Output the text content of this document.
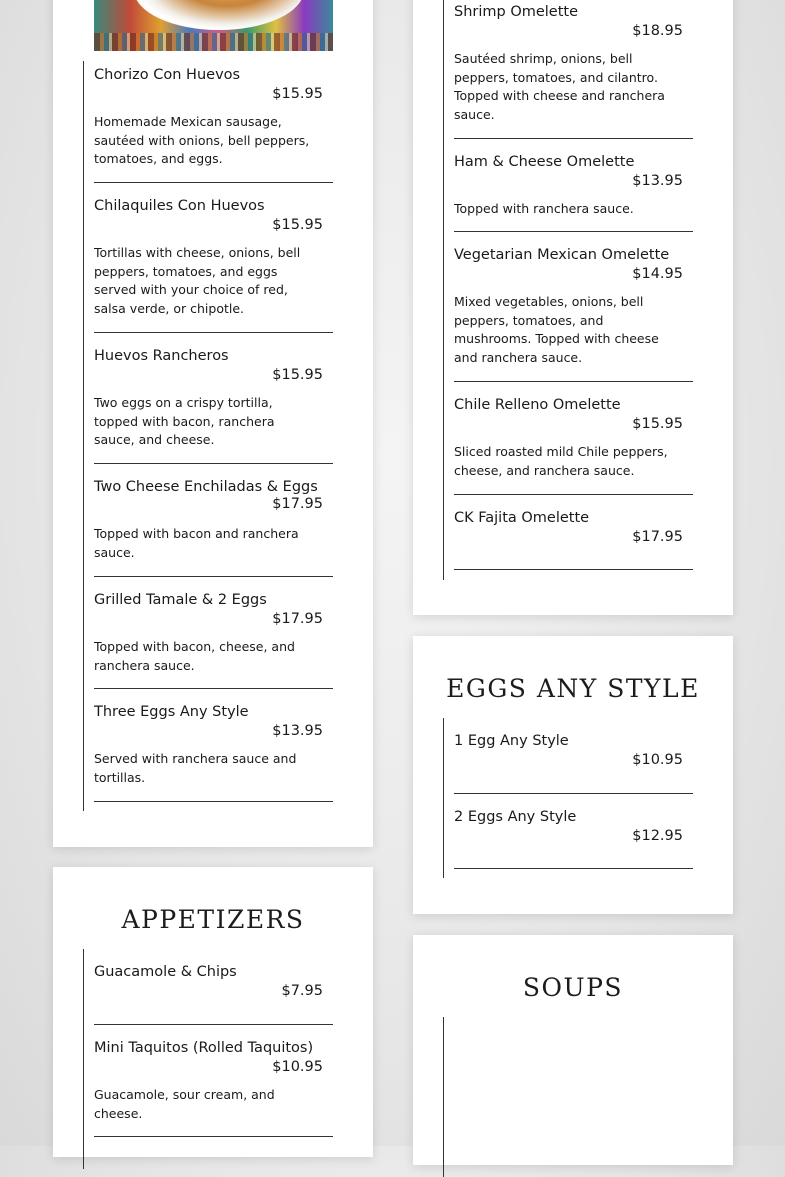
Chorizo Con Huevos
$15.95
Homemade Mexican sausage, sautéed with onions, bell peppers, tomatoes, and eggs.
Chilaquiles Con Huevos
$15.95
Tortillas with cheese, onions, bell peppers, tomatoes, and eggs served with your choice of red, salsa verde, or chipotle.
Huevos Rancheros
$15.95
Two eggs on a crispy tortilla, topped with bacon, ranchera sauce, and cheese.
Two Cheese Enchiladas & Eggs
$17.95
Topped with bacon and ranchera sauce.
Grilled Tamale & 2 Eggs
$17.95
Topped with bacon, cheese, and ranchera sauce.
Three Eggs Any Style
$13.95
Served with ranchera sauce and tortillas.
Shrimp Omelette
$18.95
Sautéed shrimp, onions, bell peppers, tomatoes, and cilantro. Topped with cheese and ranchera sauce.
Ham & Cheese Omelette
$13.95
Topped with ranchera sauce.
Vegetarian Mexican Omelette
$14.95
Mixed vegetables, onions, bell peppers, tomatoes, and mushrooms. Topped with cheese and ranchera sauce.
Chile Relleno Omelette
$15.95
Sliced roasted mild Chile peppers, cheese, and ranchera sauce.
CK Fajita Omelette
$17.95
EGGS ANY STYLE
1 Egg Any Style
$10.95
2 Eggs Any Style
$12.95
APPETIZERS
Guacamole & Chips
$7.95
Mini Taquitos (Rolled Taquitos)
$10.95
Guacamole, sour cream, and cheese.
SOUPS
